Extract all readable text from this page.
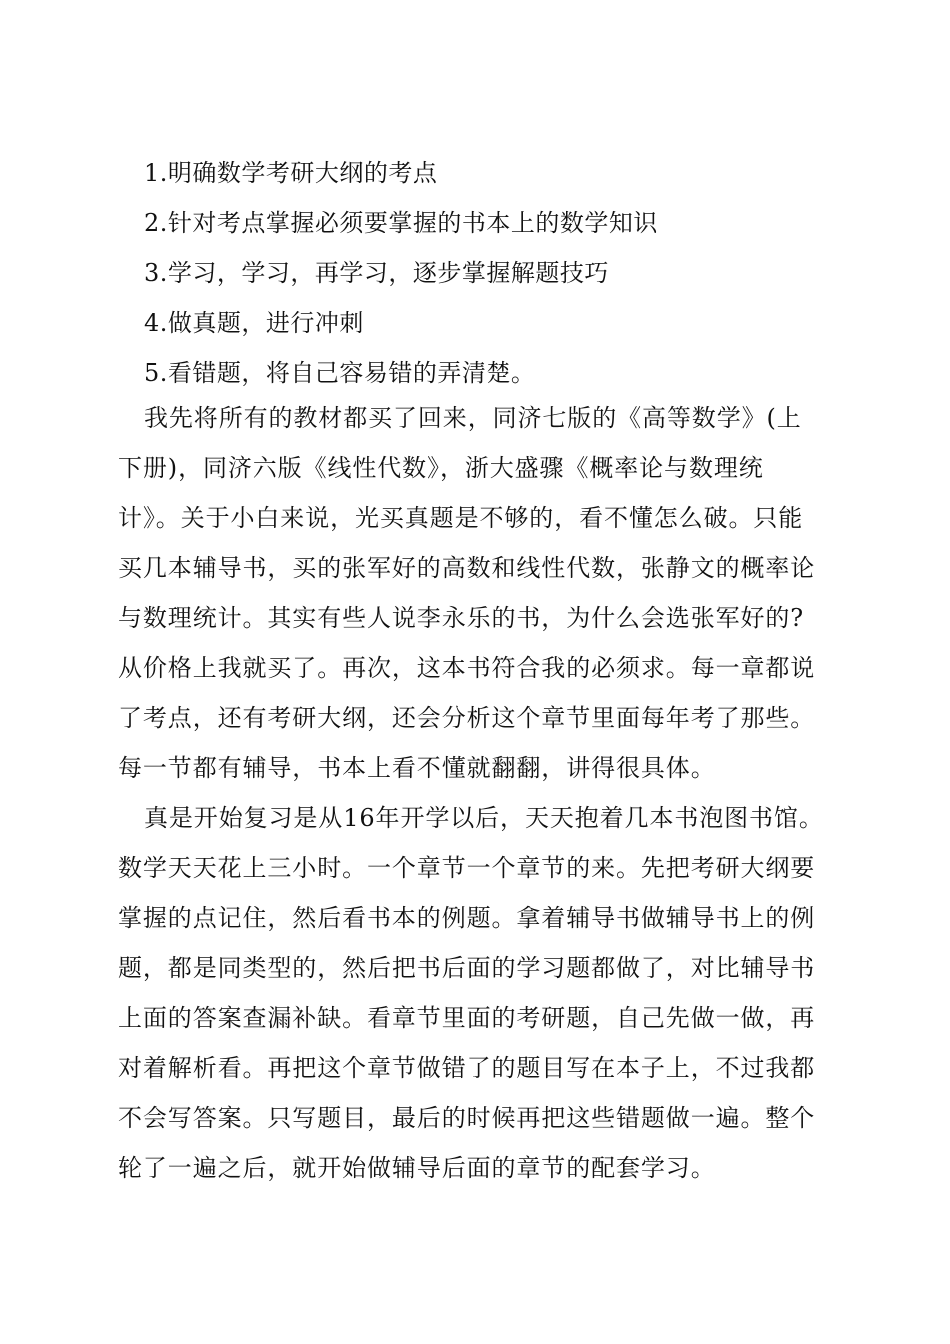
1.明确数学考研大纲的考点
2.针对考点掌握必须要掌握的书本上的数学知识
3.学习，学习，再学习，逐步掌握解题技巧
4.做真题，进行冲刺
5.看错题，将自己容易错的弄清楚。
我先将所有的教材都买了回来，同济七版的《高等数学》(上
下册)，同济六版《线性代数》，浙大盛骤《概率论与数理统
计》。关于小白来说，光买真题是不够的，看不懂怎么破。只能
买几本辅导书，买的张军好的高数和线性代数，张静文的概率论
与数理统计。其实有些人说李永乐的书，为什么会选张军好的?
从价格上我就买了。再次，这本书符合我的必须求。每一章都说
了考点，还有考研大纲，还会分析这个章节里面每年考了那些。
每一节都有辅导，书本上看不懂就翻翻，讲得很具体。
真是开始复习是从16年开学以后，天天抱着几本书泡图书馆。
数学天天花上三小时。一个章节一个章节的来。先把考研大纲要
掌握的点记住，然后看书本的例题。拿着辅导书做辅导书上的例
题，都是同类型的，然后把书后面的学习题都做了，对比辅导书
上面的答案查漏补缺。看章节里面的考研题，自己先做一做，再
对着解析看。再把这个章节做错了的题目写在本子上，不过我都
不会写答案。只写题目，最后的时候再把这些错题做一遍。整个
轮了一遍之后，就开始做辅导后面的章节的配套学习。
